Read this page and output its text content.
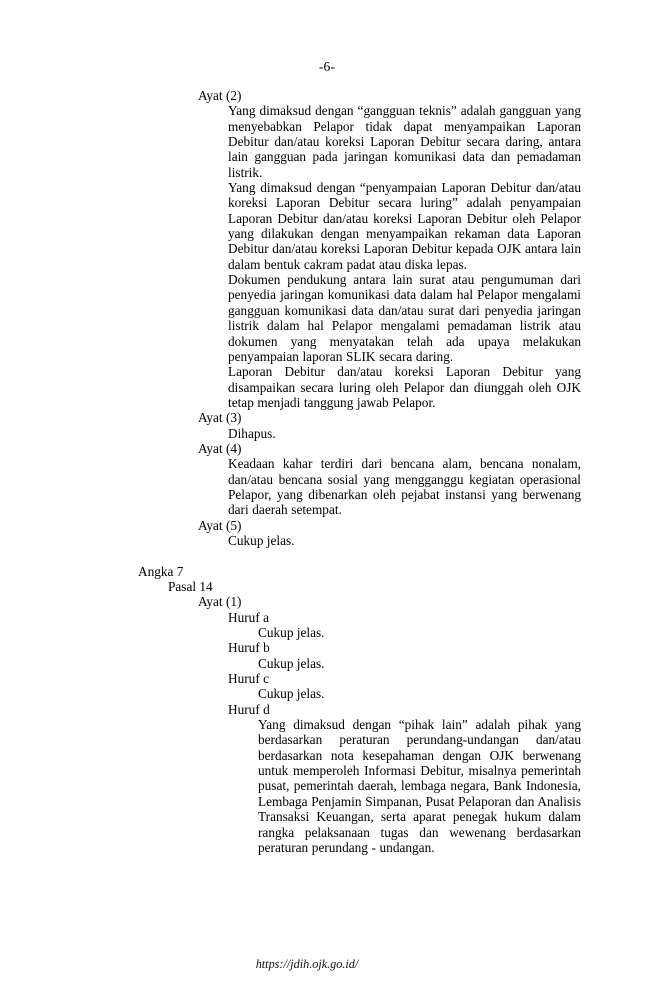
-6-

Ayat (2)

Yang dimaksud dengan “gangguan teknis” adalah gangguan yang menyebabkan Pelapor tidak dapat menyampaikan Laporan Debitur dan/atau koreksi Laporan Debitur secara daring, antara lain gangguan pada jaringan komunikasi data dan pemadaman listrik.

Yang dimaksud dengan “penyampaian Laporan Debitur dan/atau koreksi Laporan Debitur secara luring” adalah penyampaian Laporan Debitur dan/atau koreksi Laporan Debitur oleh Pelapor yang dilakukan dengan menyampaikan rekaman data Laporan Debitur dan/atau koreksi Laporan Debitur kepada OJK antara lain dalam bentuk cakram padat atau diska lepas.

Dokumen pendukung antara lain surat atau pengumuman dari penyedia jaringan komunikasi data dalam hal Pelapor mengalami gangguan komunikasi data dan/atau surat dari penyedia jaringan listrik dalam hal Pelapor mengalami pemadaman listrik atau dokumen yang menyatakan telah ada upaya melakukan penyampaian laporan SLIK secara daring.

Laporan Debitur dan/atau koreksi Laporan Debitur yang disampaikan secara luring oleh Pelapor dan diunggah oleh OJK tetap menjadi tanggung jawab Pelapor.

Ayat (3)

Dihapus.

Ayat (4)

Keadaan kahar terdiri dari bencana alam, bencana nonalam, dan/atau bencana sosial yang mengganggu kegiatan operasional Pelapor, yang dibenarkan oleh pejabat instansi yang berwenang dari daerah setempat.

Ayat (5)

Cukup jelas.

Angka 7

Pasal 14

Ayat (1)

Huruf a

Cukup jelas.

Huruf b

Cukup jelas.

Huruf c

Cukup jelas.

Huruf d

Yang dimaksud dengan “pihak lain” adalah pihak yang berdasarkan peraturan perundang-undangan dan/atau berdasarkan nota kesepahaman dengan OJK berwenang untuk memperoleh Informasi Debitur, misalnya pemerintah pusat, pemerintah daerah, lembaga negara, Bank Indonesia, Lembaga Penjamin Simpanan, Pusat Pelaporan dan Analisis Transaksi Keuangan, serta aparat penegak hukum dalam rangka pelaksanaan tugas dan wewenang berdasarkan peraturan perundang - undangan.

https://jdih.ojk.go.id/
